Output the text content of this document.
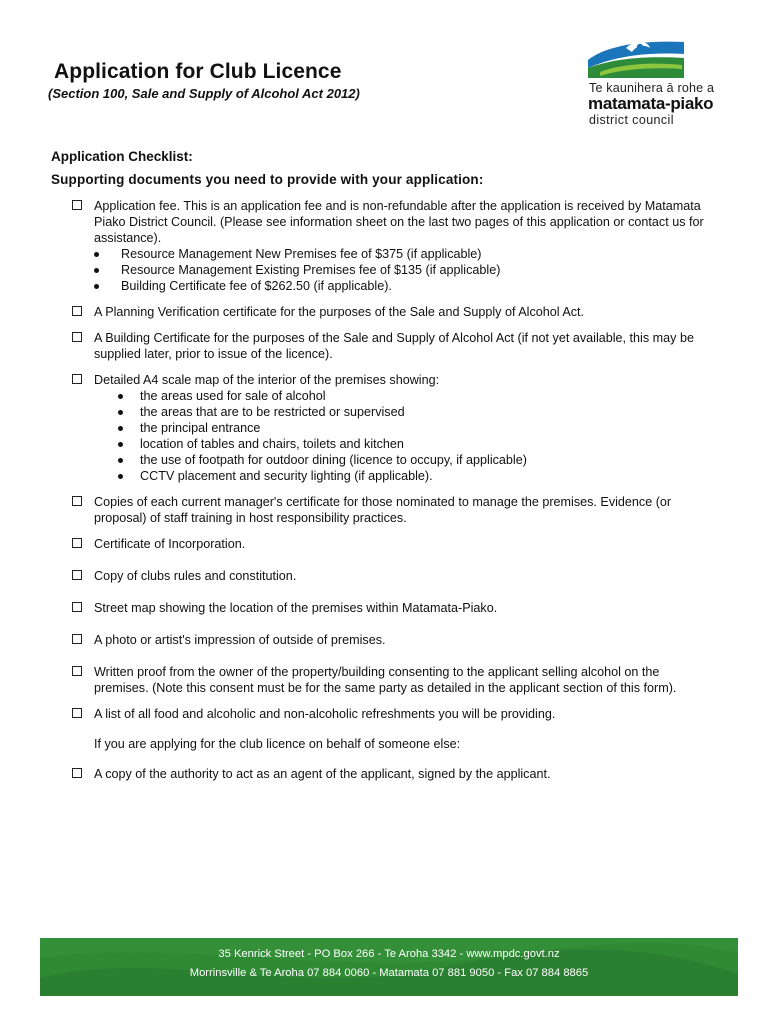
Application for Club Licence
(Section 100, Sale and Supply of Alcohol Act 2012)	Te kaunihera ā rohe a
matamata-piako
district council
Application Checklist:
Supporting documents you need to provide with your application:

Application fee. This is an application fee and is non-refundable after the application is received by Matamata Piako District Council. (Please see information sheet on the last two pages of this application or contact us for assistance).

Resource Management New Premises fee of $375 (if applicable)
Resource Management Existing Premises fee of $135 (if applicable)
Building Certificate fee of $262.50 (if applicable).

A Planning Verification certificate for the purposes of the Sale and Supply of Alcohol Act.

A Building Certificate for the purposes of the Sale and Supply of Alcohol Act (if not yet available, this may be supplied later, prior to issue of the licence).

Detailed A4 scale map of the interior of the premises showing:

the areas used for sale of alcohol
the areas that are to be restricted or supervised
the principal entrance
location of tables and chairs, toilets and kitchen
the use of footpath for outdoor dining (licence to occupy, if applicable)
CCTV placement and security lighting (if applicable).

Copies of each current manager's certificate for those nominated to manage the premises. Evidence (or proposal) of staff training in host responsibility practices.

Certificate of Incorporation.

Copy of clubs rules and constitution.

Street map showing the location of the premises within Matamata-Piako.

A photo or artist's impression of outside of premises.

Written proof from the owner of the property/building consenting to the applicant selling alcohol on the premises. (Note this consent must be for the same party as detailed in the applicant section of this form).

A list of all food and alcoholic and non-alcoholic refreshments you will be providing.

If you are applying for the club licence on behalf of someone else:

A copy of the authority to act as an agent of the applicant, signed by the applicant.

35 Kenrick Street - PO Box 266 - Te Aroha 3342 - www.mpdc.govt.nz
Morrinsville & Te Aroha 07 884 0060 - Matamata 07 881 9050 - Fax 07 884 8865
